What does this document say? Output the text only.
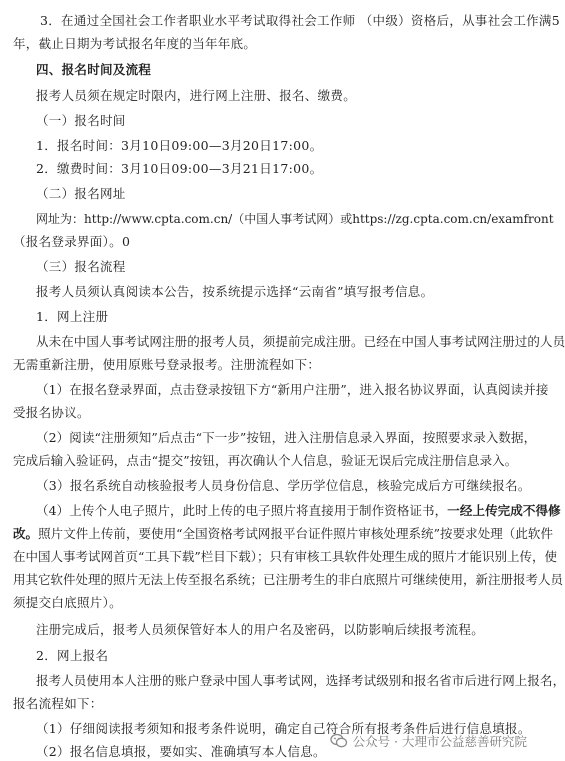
3．在通过全国社会工作者职业水平考试取得社会工作师 （中级）资格后，从事社会工作满5
年，截止日期为考试报名年度的当年年底。
四、报名时间及流程
报考人员须在规定时限内，进行网上注册、报名、缴费。
（一）报名时间
1．报名时间：3月10日09:00—3月20日17:00。
2．缴费时间：3月10日09:00—3月21日17:00。
（二）报名网址
网址为：http://www.cpta.com.cn/（中国人事考试网）或https://zg.cpta.com.cn/examfront
（报名登录界面）。0
（三）报名流程
报考人员须认真阅读本公告，按系统提示选择“云南省”填写报考信息。
1．网上注册
从未在中国人事考试网注册的报考人员，须提前完成注册。已经在中国人事考试网注册过的人员
无需重新注册，使用原账号登录报考。注册流程如下：
（1）在报名登录界面，点击登录按钮下方“新用户注册”，进入报名协议界面，认真阅读并接
受报名协议。
（2）阅读“注册须知”后点击“下一步”按钮，进入注册信息录入界面，按照要求录入数据，
完成后输入验证码，点击“提交”按钮，再次确认个人信息，验证无误后完成注册信息录入。
（3）报名系统自动核验报考人员身份信息、学历学位信息，核验完成后方可继续报名。
（4）上传个人电子照片，此时上传的电子照片将直接用于制作资格证书，一经上传完成不得修
改。照片文件上传前，要使用“全国资格考试网报平台证件照片审核处理系统”按要求处理（此软件
在中国人事考试网首页“工具下载”栏目下载）；只有审核工具软件处理生成的照片才能识别上传，使
用其它软件处理的照片无法上传至报名系统；已注册考生的非白底照片可继续使用，新注册报考人员
须提交白底照片）。
注册完成后，报考人员须保管好本人的用户名及密码，以防影响后续报考流程。
2．网上报名
报考人员使用本人注册的账户登录中国人事考试网，选择考试级别和报名省市后进行网上报名，
报名流程如下：
（1）仔细阅读报考须知和报考条件说明，确定自己符合所有报考条件后进行信息填报。
（2）报名信息填报，要如实、准确填写本人信息。
公众号 · 大理市公益慈善研究院
